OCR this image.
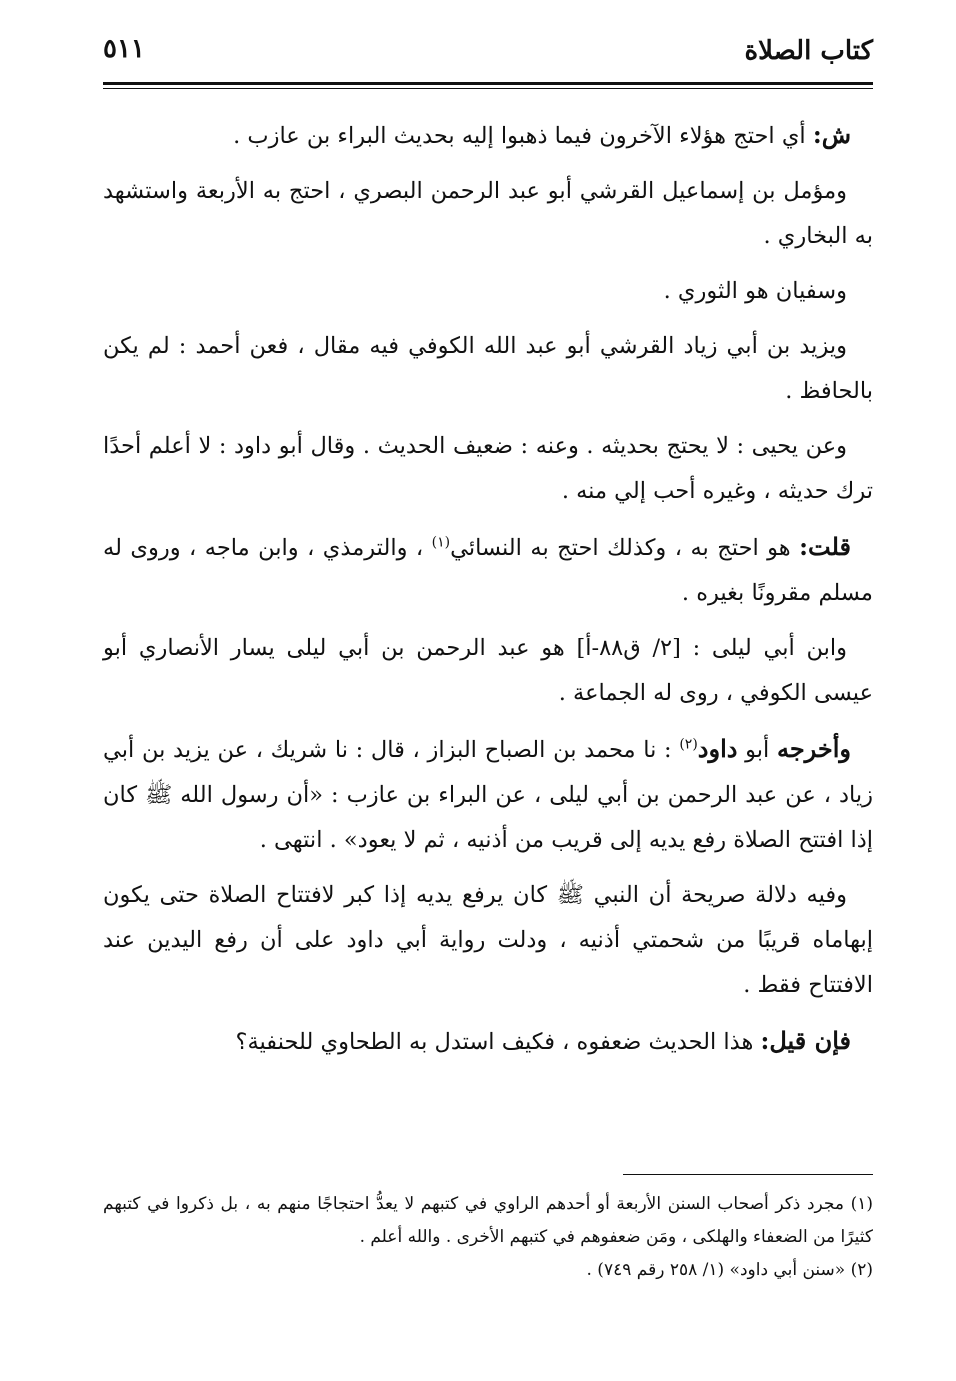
كتاب الصلاة
٥١١

ش: أي احتج هؤلاء الآخرون فيما ذهبوا إليه بحديث البراء بن عازب .

ومؤمل بن إسماعيل القرشي أبو عبد الرحمن البصري ، احتج به الأربعة واستشهد به البخاري .

وسفيان هو الثوري .

ويزيد بن أبي زياد القرشي أبو عبد الله الكوفي فيه مقال ، فعن أحمد : لم يكن بالحافظ .

وعن يحيى : لا يحتج بحديثه . وعنه : ضعيف الحديث . وقال أبو داود : لا أعلم أحدًا ترك حديثه ، وغيره أحب إلي منه .

قلت: هو احتج به ، وكذلك احتج به النسائي$^{(١)}$ ، والترمذي ، وابن ماجه ، وروى له مسلم مقرونًا بغيره .

وابن أبي ليلى : [٢/ ق٨٨-أ] هو عبد الرحمن بن أبي ليلى يسار الأنصاري أبو عيسى الكوفي ، روى له الجماعة .

وأخرجه أبو داود$^{(٢)}$ : نا محمد بن الصباح البزاز ، قال : نا شريك ، عن يزيد بن أبي زياد ، عن عبد الرحمن بن أبي ليلى ، عن البراء بن عازب : «أن رسول الله ﷺ كان إذا افتتح الصلاة رفع يديه إلى قريب من أذنيه ، ثم لا يعود» . انتهى .

وفيه دلالة صريحة أن النبي ﷺ كان يرفع يديه إذا كبر لافتتاح الصلاة حتى يكون إبهاماه قريبًا من شحمتي أذنيه ، ودلت رواية أبي داود على أن رفع اليدين عند الافتتاح فقط .

فإن قيل: هذا الحديث ضعفوه ، فكيف استدل به الطحاوي للحنفية؟

(١) مجرد ذكر أصحاب السنن الأربعة أو أحدهم الراوي في كتبهم لا يعدُّ احتجاجًا منهم به ، بل ذكروا في كتبهم كثيرًا من الضعفاء والهلكى ، ومَن ضعفوهم في كتبهم الأخرى . والله أعلم .

(٢) «سنن أبي داود» (١/ ٢٥٨ رقم ٧٤٩) .
